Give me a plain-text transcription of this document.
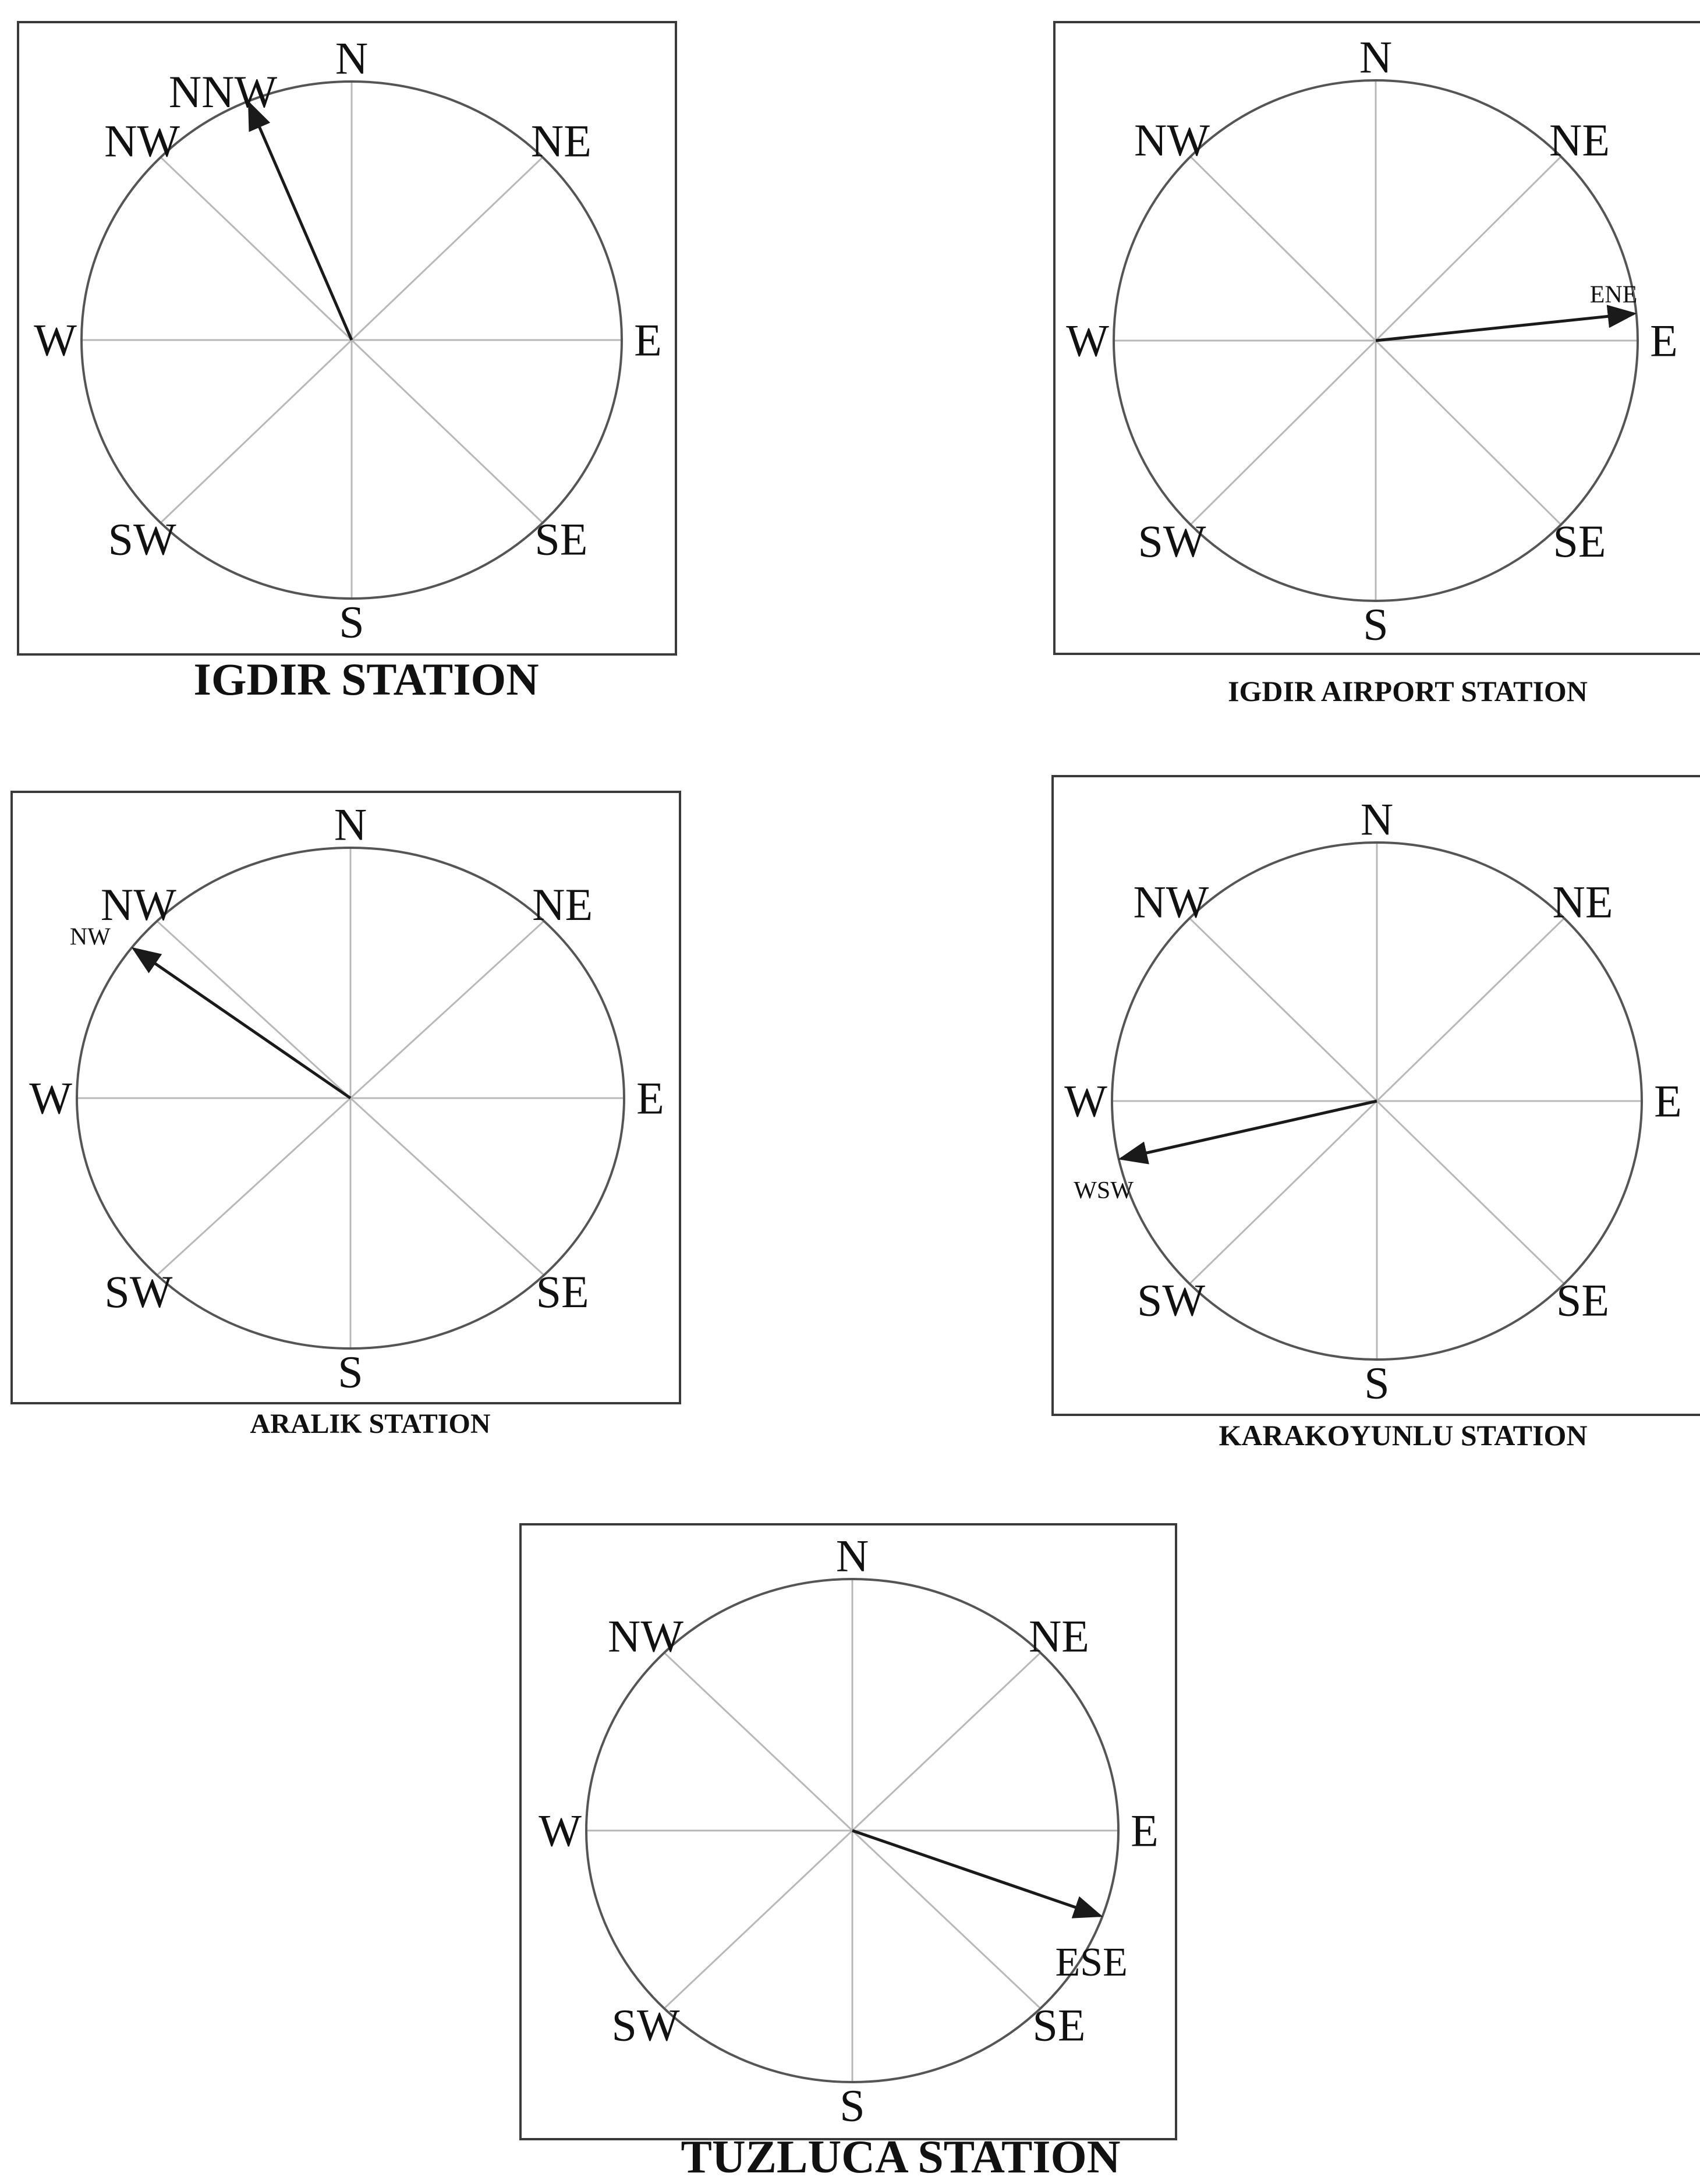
N
NE
E
SE
S
SW
W
NW
NNW
N
NE
E
SE
S
SW
W
NW
ENE
N
NE
E
SE
S
SW
W
NW
NW
N
NE
E
SE
S
SW
W
NW
WSW
N
NE
E
SE
S
SW
W
NW
ESE
IGDIR STATION	IGDIR AIRPORT STATION
ARALIK STATION	KARAKOYUNLU STATION
TUZLUCA STATION
